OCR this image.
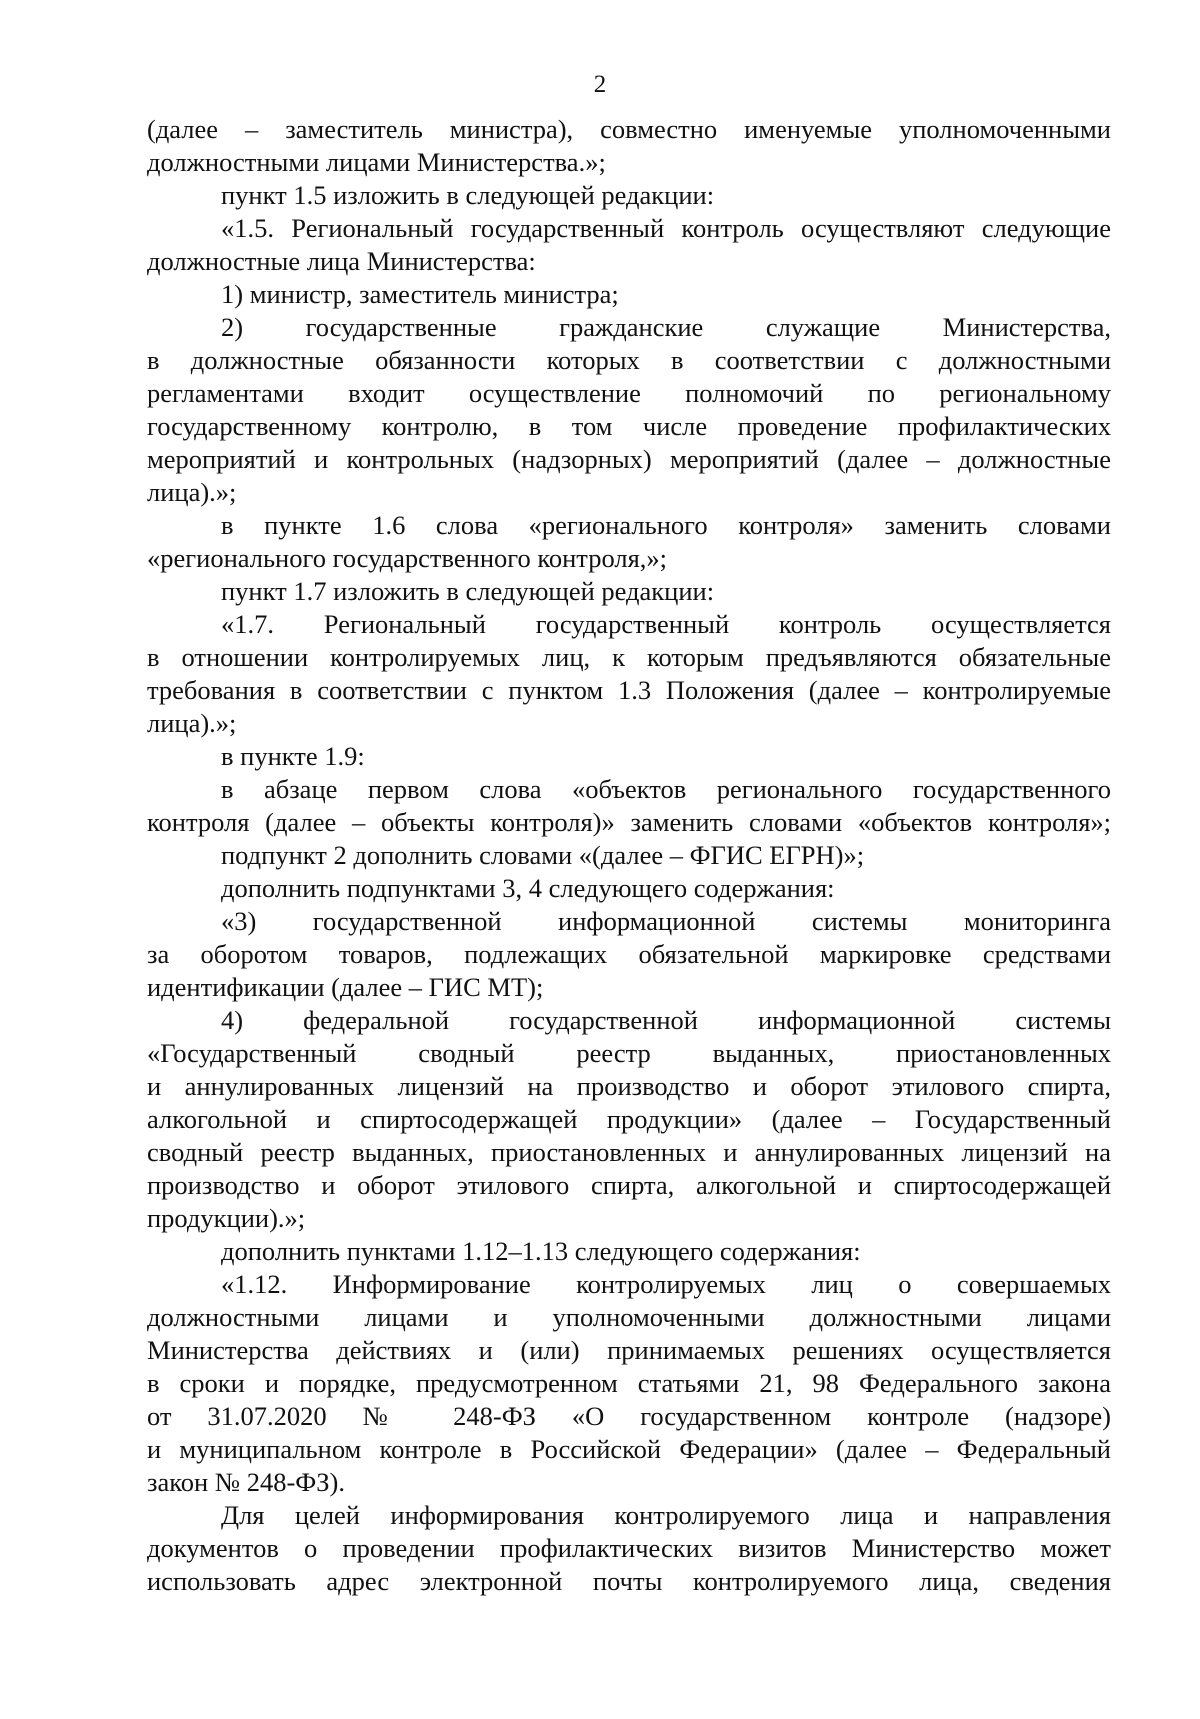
2
(далее – заместитель министра), совместно именуемые уполномоченными
должностными лицами Министерства.»;
пункт 1.5 изложить в следующей редакции:
«1.5. Региональный государственный контроль осуществляют следующие
должностные лица Министерства:
1) министр, заместитель министра;
2) государственные гражданские служащие Министерства,
в должностные обязанности которых в соответствии с должностными
регламентами входит осуществление полномочий по региональному
государственному контролю, в том числе проведение профилактических
мероприятий и контрольных (надзорных) мероприятий (далее – должностные
лица).»;
в пункте 1.6 слова «регионального контроля» заменить словами
«регионального государственного контроля,»;
пункт 1.7 изложить в следующей редакции:
«1.7. Региональный государственный контроль осуществляется
в отношении контролируемых лиц, к которым предъявляются обязательные
требования в соответствии с пунктом 1.3 Положения (далее – контролируемые
лица).»;
в пункте 1.9:
в абзаце первом слова «объектов регионального государственного
контроля (далее – объекты контроля)» заменить словами «объектов контроля»;
подпункт 2 дополнить словами «(далее – ФГИС ЕГРН)»;
дополнить подпунктами 3, 4 следующего содержания:
«3) государственной информационной системы мониторинга
за оборотом товаров, подлежащих обязательной маркировке средствами
идентификации (далее – ГИС МТ);
4) федеральной государственной информационной системы
«Государственный сводный реестр выданных, приостановленных
и аннулированных лицензий на производство и оборот этилового спирта,
алкогольной и спиртосодержащей продукции» (далее – Государственный
сводный реестр выданных, приостановленных и аннулированных лицензий на
производство и оборот этилового спирта, алкогольной и спиртосодержащей
продукции).»;
дополнить пунктами 1.12–1.13 следующего содержания:
«1.12. Информирование контролируемых лиц о совершаемых
должностными лицами и уполномоченными должностными лицами
Министерства действиях и (или) принимаемых решениях осуществляется
в сроки и порядке, предусмотренном статьями 21, 98 Федерального закона
от 31.07.2020 № 248-ФЗ «О государственном контроле (надзоре)
и муниципальном контроле в Российской Федерации» (далее – Федеральный
закон № 248-ФЗ).
Для целей информирования контролируемого лица и направления
документов о проведении профилактических визитов Министерство может
использовать адрес электронной почты контролируемого лица, сведения
